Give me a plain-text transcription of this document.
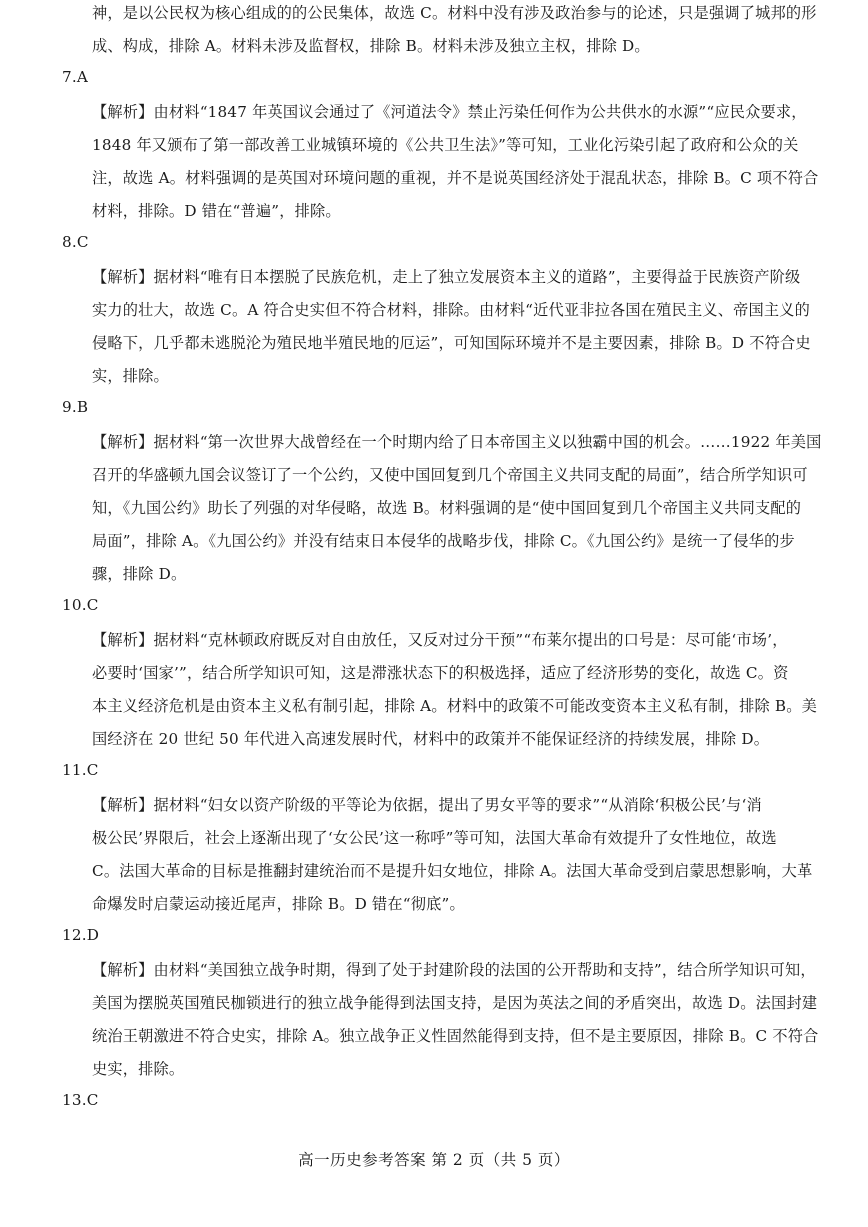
神，是以公民权为核心组成的的公民集体，故选 C。材料中没有涉及政治参与的论述，只是强调了城邦的形
成、构成，排除 A。材料未涉及监督权，排除 B。材料未涉及独立主权，排除 D。
7.A
【解析】由材料“1847 年英国议会通过了《河道法令》禁止污染任何作为公共供水的水源”“应民众要求，
1848 年又颁布了第一部改善工业城镇环境的《公共卫生法》”等可知，工业化污染引起了政府和公众的关
注，故选 A。材料强调的是英国对环境问题的重视，并不是说英国经济处于混乱状态，排除 B。C 项不符合
材料，排除。D 错在“普遍”，排除。
8.C
【解析】据材料“唯有日本摆脱了民族危机，走上了独立发展资本主义的道路”，主要得益于民族资产阶级
实力的壮大，故选 C。A 符合史实但不符合材料，排除。由材料“近代亚非拉各国在殖民主义、帝国主义的
侵略下，几乎都未逃脱沦为殖民地半殖民地的厄运”，可知国际环境并不是主要因素，排除 B。D 不符合史
实，排除。
9.B
【解析】据材料“第一次世界大战曾经在一个时期内给了日本帝国主义以独霸中国的机会。……1922 年美国
召开的华盛顿九国会议签订了一个公约，又使中国回复到几个帝国主义共同支配的局面”，结合所学知识可
知，《九国公约》助长了列强的对华侵略，故选 B。材料强调的是“使中国回复到几个帝国主义共同支配的
局面”，排除 A。《九国公约》并没有结束日本侵华的战略步伐，排除 C。《九国公约》是统一了侵华的步
骤，排除 D。
10.C
【解析】据材料“克林顿政府既反对自由放任，又反对过分干预”“布莱尔提出的口号是：尽可能‘市场’，
必要时‘国家’”，结合所学知识可知，这是滞涨状态下的积极选择，适应了经济形势的变化，故选 C。资
本主义经济危机是由资本主义私有制引起，排除 A。材料中的政策不可能改变资本主义私有制，排除 B。美
国经济在 20 世纪 50 年代进入高速发展时代，材料中的政策并不能保证经济的持续发展，排除 D。
11.C
【解析】据材料“妇女以资产阶级的平等论为依据，提出了男女平等的要求”“从消除‘积极公民’与‘消
极公民’界限后，社会上逐渐出现了‘女公民’这一称呼”等可知，法国大革命有效提升了女性地位，故选
C。法国大革命的目标是推翻封建统治而不是提升妇女地位，排除 A。法国大革命受到启蒙思想影响，大革
命爆发时启蒙运动接近尾声，排除 B。D 错在“彻底”。
12.D
【解析】由材料“美国独立战争时期，得到了处于封建阶段的法国的公开帮助和支持”，结合所学知识可知，
美国为摆脱英国殖民枷锁进行的独立战争能得到法国支持，是因为英法之间的矛盾突出，故选 D。法国封建
统治王朝激进不符合史实，排除 A。独立战争正义性固然能得到支持，但不是主要原因，排除 B。C 不符合
史实，排除。
13.C
高一历史参考答案 第 2 页（共 5 页）
